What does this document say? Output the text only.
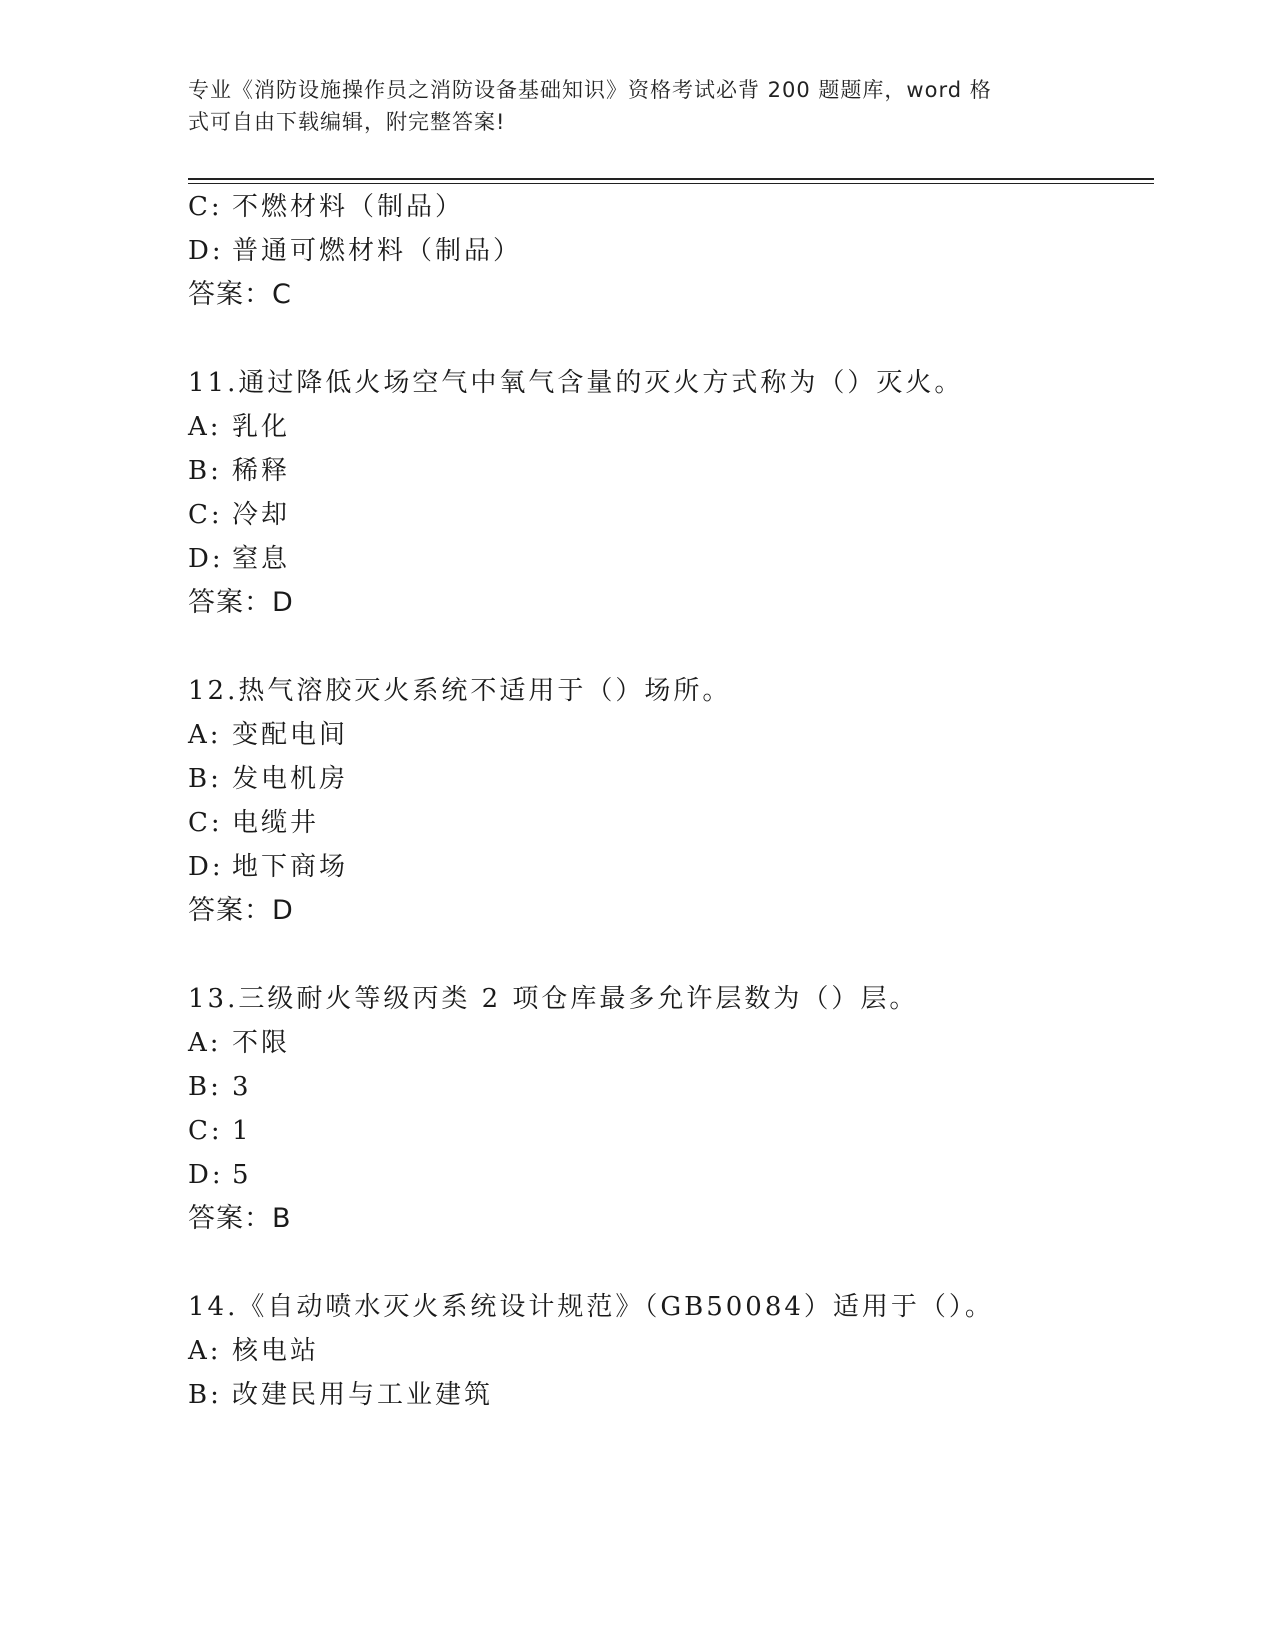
专业《消防设施操作员之消防设备基础知识》资格考试必背 200 题题库，word 格

式可自由下载编辑，附完整答案!

C: 不燃材料（制品）
D: 普通可燃材料（制品）
答案：C
11.通过降低火场空气中氧气含量的灭火方式称为（）灭火。
A: 乳化
B: 稀释
C: 冷却
D: 窒息
答案：D
12.热气溶胶灭火系统不适用于（）场所。
A: 变配电间
B: 发电机房
C: 电缆井
D: 地下商场
答案：D
13.三级耐火等级丙类 2 项仓库最多允许层数为（）层。
A: 不限
B: 3
C: 1
D: 5
答案：B
14.《自动喷水灭火系统设计规范》（GB50084）适用于（）。
A: 核电站
B: 改建民用与工业建筑
